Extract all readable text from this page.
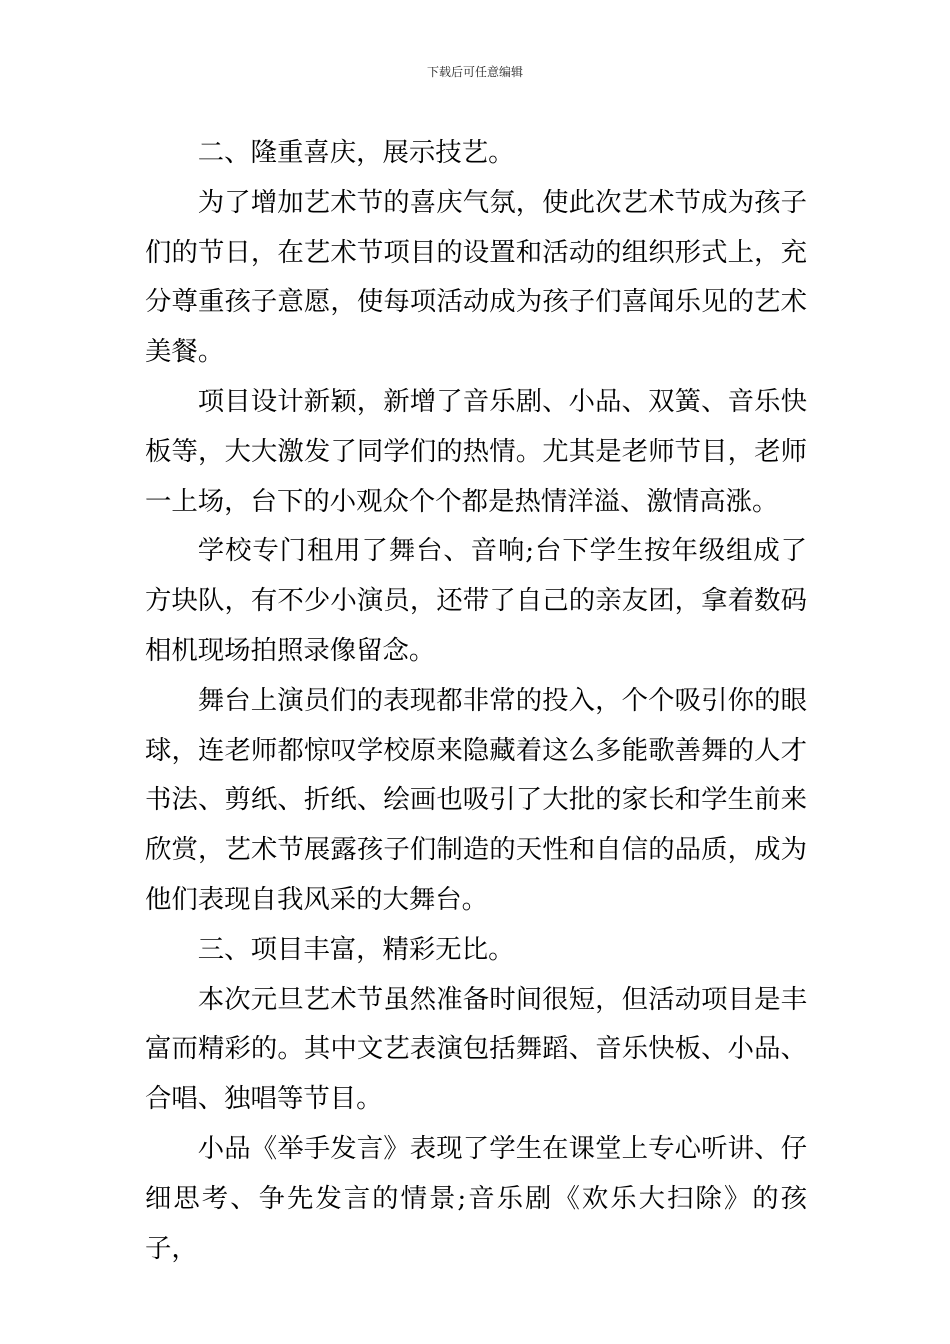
下载后可任意编辑

二、隆重喜庆，展示技艺。

为了增加艺术节的喜庆气氛，使此次艺术节成为孩子们的节日，在艺术节项目的设置和活动的组织形式上，充分尊重孩子意愿，使每项活动成为孩子们喜闻乐见的艺术美餐。

项目设计新颖，新增了音乐剧、小品、双簧、音乐快板等，大大激发了同学们的热情。尤其是老师节目，老师一上场，台下的小观众个个都是热情洋溢、激情高涨。

学校专门租用了舞台、音响;台下学生按年级组成了方块队，有不少小演员，还带了自己的亲友团，拿着数码相机现场拍照录像留念。

舞台上演员们的表现都非常的投入，个个吸引你的眼球，连老师都惊叹学校原来隐藏着这么多能歌善舞的人才书法、剪纸、折纸、绘画也吸引了大批的家长和学生前来欣赏，艺术节展露孩子们制造的天性和自信的品质，成为他们表现自我风采的大舞台。

三、项目丰富，精彩无比。

本次元旦艺术节虽然准备时间很短，但活动项目是丰富而精彩的。其中文艺表演包括舞蹈、音乐快板、小品、合唱、独唱等节目。

小品《举手发言》表现了学生在课堂上专心听讲、仔细思考、争先发言的情景;音乐剧《欢乐大扫除》的孩子，
